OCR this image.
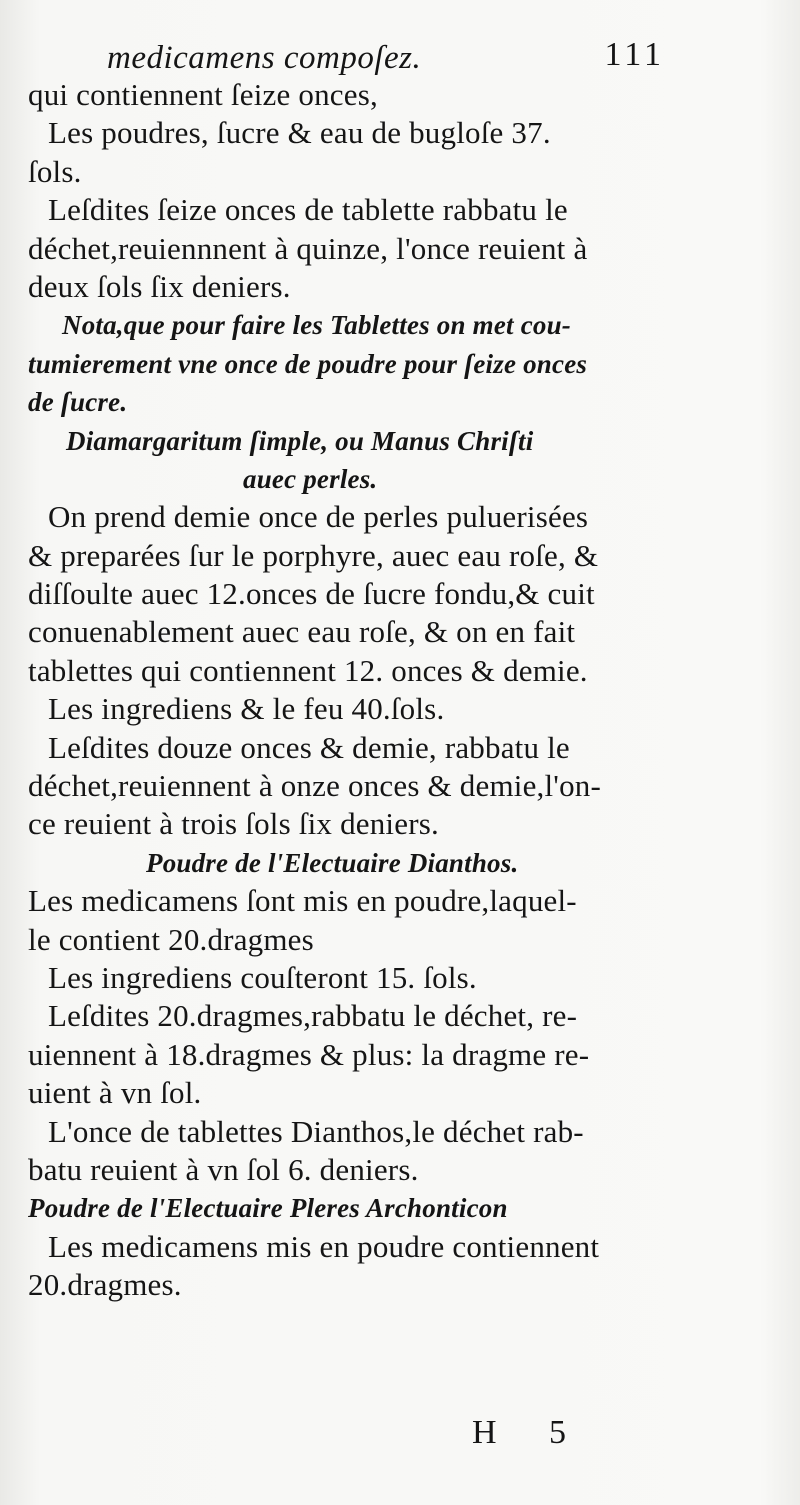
medicamens compoſez.	111
qui contiennent ſeize onces,
Les poudres, ſucre & eau de bugloſe 37.
ſols.
Leſdites ſeize onces de tablette rabbatu le
déchet,reuiennnent à quinze, l'once reuient à
deux ſols ſix deniers.
Nota,que pour faire les Tablettes on met cou-
tumierement vne once de poudre pour ſeize onces
de ſucre.
Diamargaritum ſimple, ou Manus Chriſti
auec perles.
On prend demie once de perles puluerisées
& preparées ſur le porphyre, auec eau roſe, &
diſſoulte auec 12.onces de ſucre fondu,& cuit
conuenablement auec eau roſe, & on en fait
tablettes qui contiennent 12. onces & demie.
Les ingrediens & le feu 40.ſols.
Leſdites douze onces & demie, rabbatu le
déchet,reuiennent à onze onces & demie,l'on-
ce reuient à trois ſols ſix deniers.
Poudre de l'Electuaire Dianthos.
Les medicamens ſont mis en poudre,laquel-
le contient 20.dragmes
Les ingrediens couſteront 15. ſols.
Leſdites 20.dragmes,rabbatu le déchet, re-
uiennent à 18.dragmes & plus: la dragme re-
uient à vn ſol.
L'once de tablettes Dianthos,le déchet rab-
batu reuient à vn ſol 6. deniers.
Poudre de l'Electuaire Pleres Archonticon
Les medicamens mis en poudre contiennent
20.dragmes.
H 5
